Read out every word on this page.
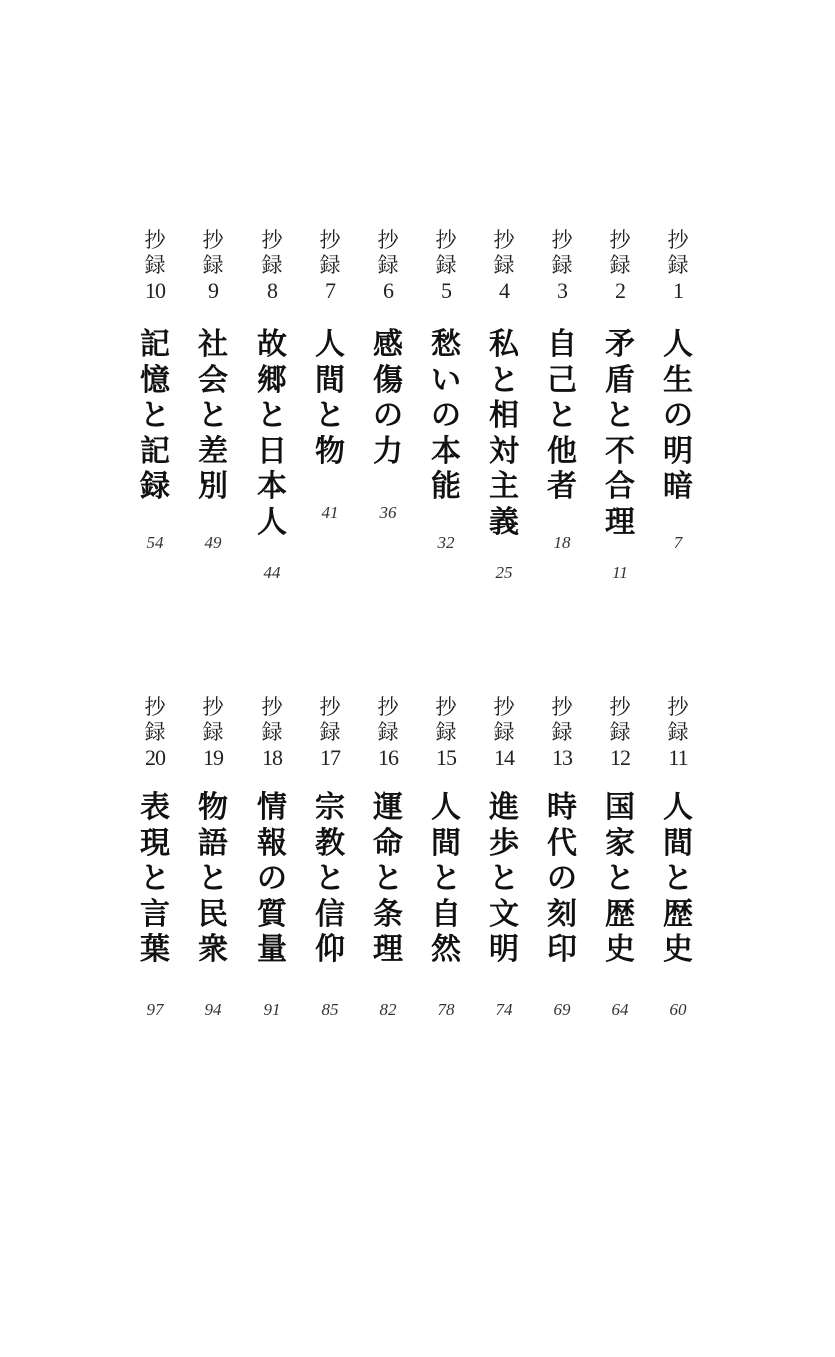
抄
録
1
人
生
の
明
暗
7
抄
録
2
矛
盾
と
不
合
理
11
抄
録
3
自
己
と
他
者
18
抄
録
4
私
と
相
対
主
義
25
抄
録
5
愁
い
の
本
能
32
抄
録
6
感
傷
の
力
36
抄
録
7
人
間
と
物
41
抄
録
8
故
郷
と
日
本
人
44
抄
録
9
社
会
と
差
別
49
抄
録
10
記
憶
と
記
録
54
抄
録
11
人
間
と
歴
史
60
抄
録
12
国
家
と
歴
史
64
抄
録
13
時
代
の
刻
印
69
抄
録
14
進
歩
と
文
明
74
抄
録
15
人
間
と
自
然
78
抄
録
16
運
命
と
条
理
82
抄
録
17
宗
教
と
信
仰
85
抄
録
18
情
報
の
質
量
91
抄
録
19
物
語
と
民
衆
94
抄
録
20
表
現
と
言
葉
97
